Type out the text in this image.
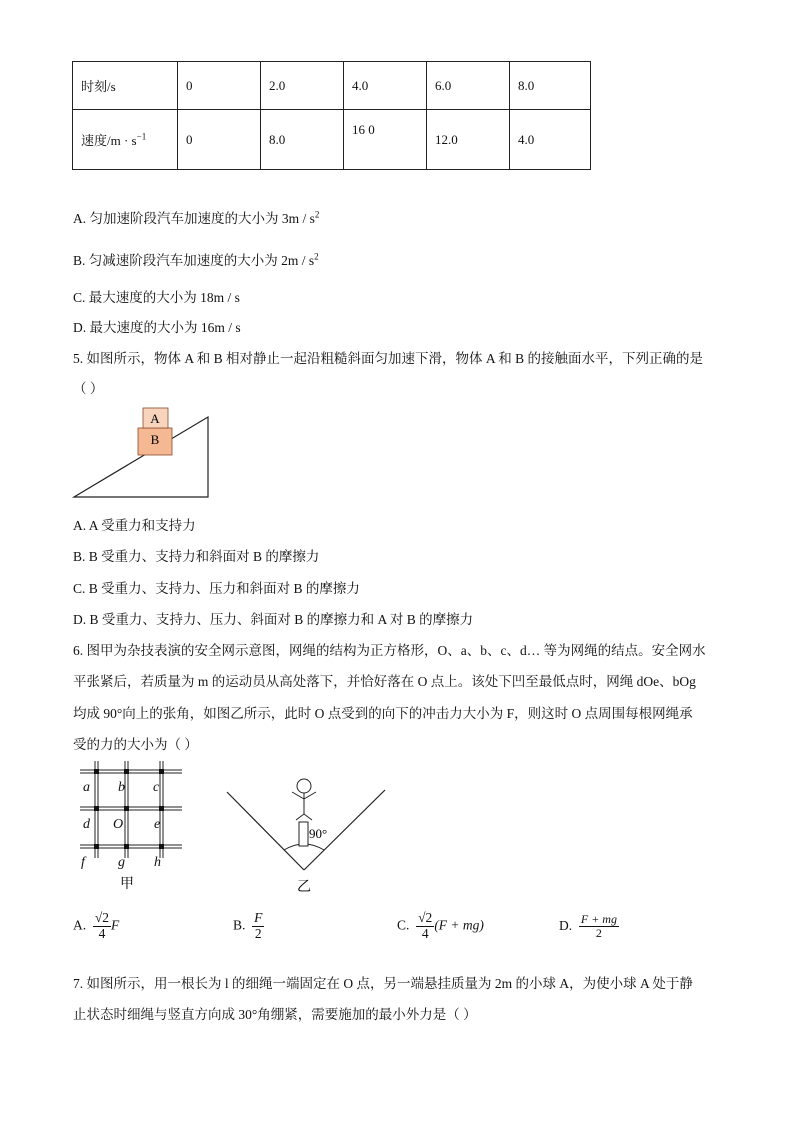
时刻/s	0	2.0	4.0	6.0	8.0
速度$/m \cdot s^{-1}$	0	8.0	16 0	12.0	4.0
A. 匀加速阶段汽车加速度的大小为 $3m / s^2$
B. 匀减速阶段汽车加速度的大小为 $2m / s^2$
C. 最大速度的大小为 18m / s
D. 最大速度的大小为 16m / s
5. 如图所示，物体 A 和 B 相对静止一起沿粗糙斜面匀加速下滑，物体 A 和 B 的接触面水平，下列正确的是
（ ）
A
B
A. A 受重力和支持力
B. B 受重力、支持力和斜面对 B 的摩擦力
C. B 受重力、支持力、压力和斜面对 B 的摩擦力
D. B 受重力、支持力、压力、斜面对 B 的摩擦力和 A 对 B 的摩擦力
6. 图甲为杂技表演的安全网示意图，网绳的结构为正方格形，O、a、b、c、d… 等为网绳的结点。安全网水
平张紧后，若质量为 m 的运动员从高处落下，并恰好落在 O 点上。该处下凹至最低点时，网绳 dOe、bOg
均成 90°向上的张角，如图乙所示，此时 O 点受到的向下的冲击力大小为 F，则这时 O 点周围每根网绳承
受的力的大小为（ ）
a b c
d O e
f g h
甲
90°
乙
A. $\frac{√2}{4}$ F	B. $\frac{F}{2}$	C. $\frac{√2}{4} (F + mg)$	D. $\frac{F + mg}{2}$
7. 如图所示，用一根长为 l 的细绳一端固定在 O 点，另一端悬挂质量为 2m 的小球 A，为使小球 A 处于静
止状态时细绳与竖直方向成 30°角绷紧，需要施加的最小外力是（ ）
